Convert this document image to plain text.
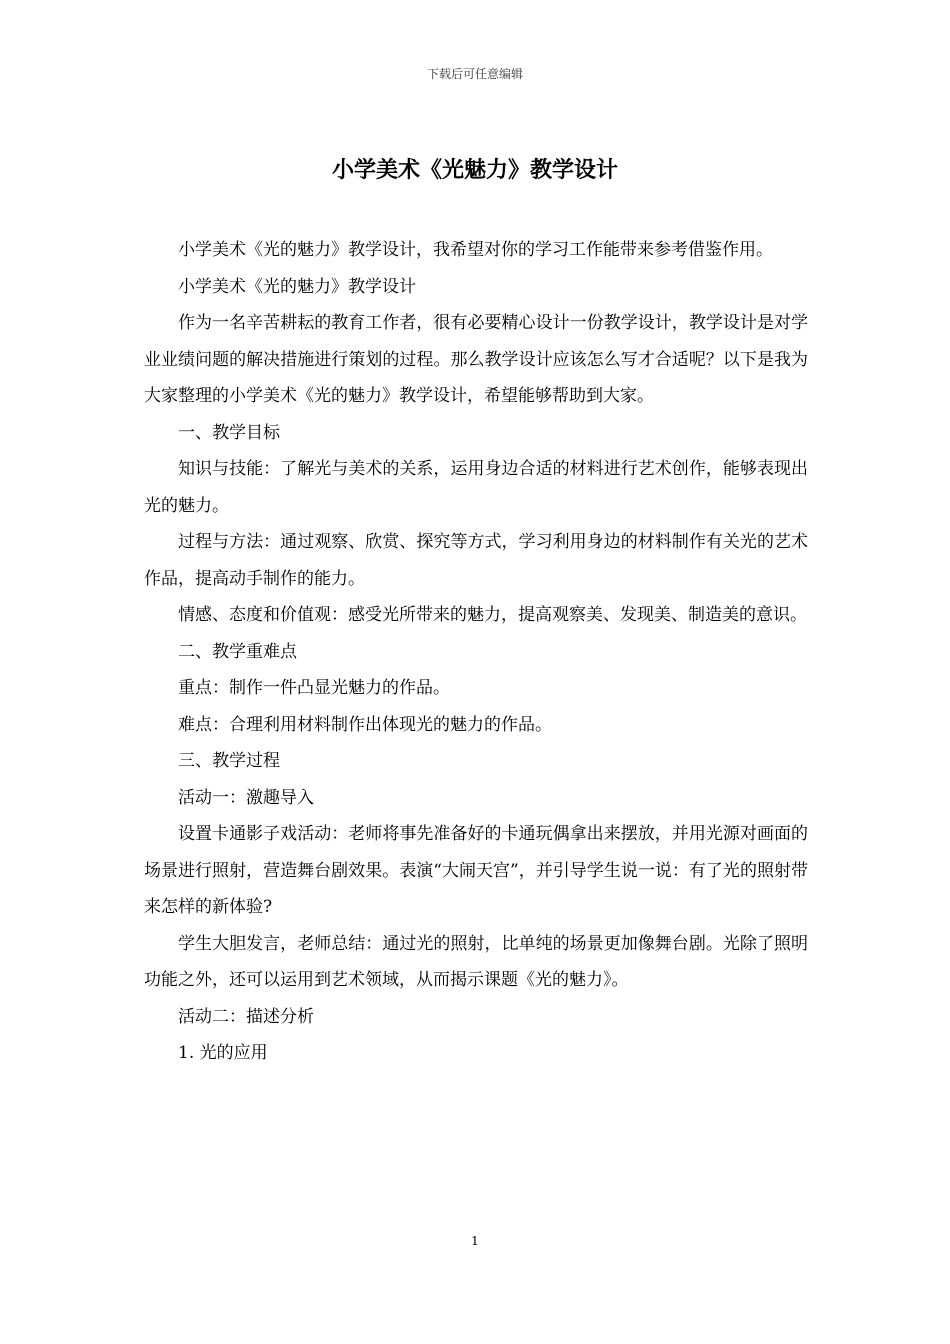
下载后可任意编辑
小学美术《光魅力》教学设计

小学美术《光的魅力》教学设计，我希望对你的学习工作能带来参考借鉴作用。

小学美术《光的魅力》教学设计

作为一名辛苦耕耘的教育工作者，很有必要精心设计一份教学设计，教学设计是对学业业绩问题的解决措施进行策划的过程。那么教学设计应该怎么写才合适呢？以下是我为大家整理的小学美术《光的魅力》教学设计，希望能够帮助到大家。

一、教学目标

知识与技能：了解光与美术的关系，运用身边合适的材料进行艺术创作，能够表现出光的魅力。

过程与方法：通过观察、欣赏、探究等方式，学习利用身边的材料制作有关光的艺术作品，提高动手制作的能力。

情感、态度和价值观：感受光所带来的魅力，提高观察美、发现美、制造美的意识。

二、教学重难点

重点：制作一件凸显光魅力的作品。

难点：合理利用材料制作出体现光的魅力的作品。

三、教学过程

活动一：激趣导入

设置卡通影子戏活动：老师将事先准备好的卡通玩偶拿出来摆放，并用光源对画面的场景进行照射，营造舞台剧效果。表演“大闹天宫”，并引导学生说一说：有了光的照射带来怎样的新体验?

学生大胆发言，老师总结：通过光的照射，比单纯的场景更加像舞台剧。光除了照明功能之外，还可以运用到艺术领域，从而揭示课题《光的魅力》。

活动二：描述分析

1. 光的应用

1
